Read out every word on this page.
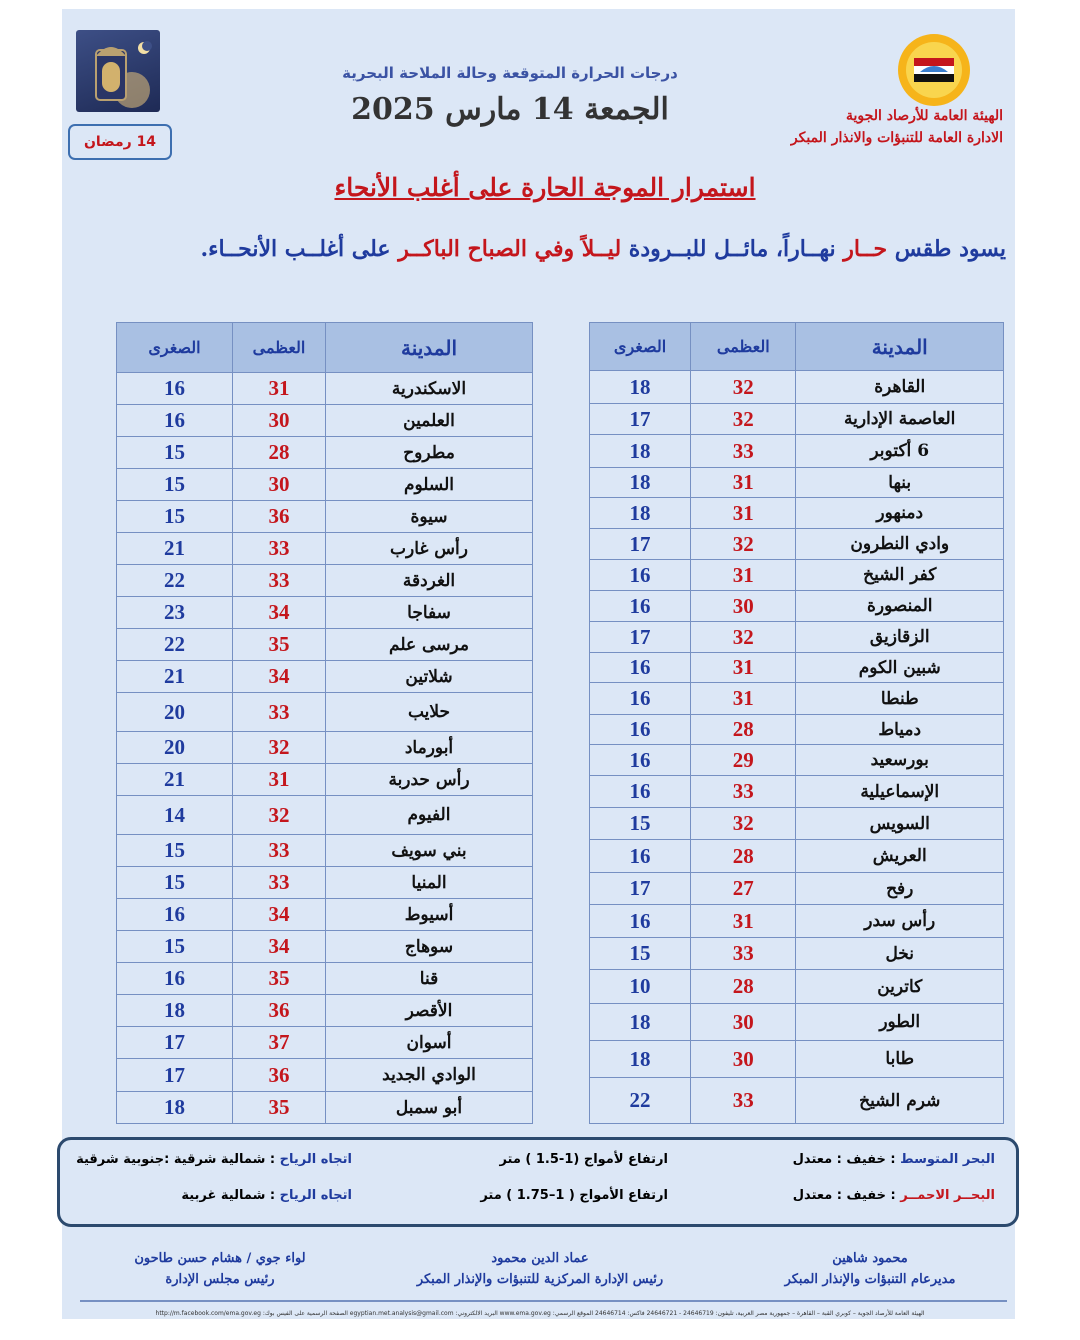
14 رمضان
الهيئة العامة للأرصاد الجوية
الادارة العامة للتنبؤات والانذار المبكر
درجات الحرارة المتوقعة وحالة الملاحة البحرية
الجمعة 14 مارس 2025
استمرار الموجة الحارة على أغلب الأنحاء
يسود طقس حــار نهــاراً، مائــل للبــرودة ليــلاً وفي الصباح الباكــر على أغلــب الأنحــاء.
المدينة	العظمى	الصغرى
القاهرة	32	18
العاصمة الإدارية	32	17
6 أكتوبر	33	18
بنها	31	18
دمنهور	31	18
وادي النطرون	32	17
كفر الشيخ	31	16
المنصورة	30	16
الزقازيق	32	17
شبين الكوم	31	16
طنطا	31	16
دمياط	28	16
بورسعيد	29	16
الإسماعيلية	33	16
السويس	32	15
العريش	28	16
رفح	27	17
رأس سدر	31	16
نخل	33	15
كاترين	28	10
الطور	30	18
طابا	30	18
شرم الشيخ	33	22
المدينة	العظمى	الصغرى
الاسكندرية	31	16
العلمين	30	16
مطروح	28	15
السلوم	30	15
سيوة	36	15
رأس غارب	33	21
الغردقة	33	22
سفاجا	34	23
مرسى علم	35	22
شلاتين	34	21
حلايب	33	20
أبورماد	32	20
رأس حدربة	31	21
الفيوم	32	14
بني سويف	33	15
المنيا	33	15
أسيوط	34	16
سوهاج	34	15
قنا	35	16
الأقصر	36	18
أسوان	37	17
الوادي الجديد	36	17
أبو سمبل	35	18
البحر المتوسط : خفيف : معتدل
ارتفاع لأمواج (1-1.5 ) متر
اتجاه الرياح : شمالية شرقية :جنوبية شرقية
البحــر الاحمــر : خفيف : معتدل
ارتفاع الأمواج ( 1–1.75 ) متر
اتجاه الرياح : شمالية غربية
محمود شاهين
مديرعام التنبؤات والإنذار المبكر
عماد الدين محمود
رئيس الإدارة المركزية للتنبؤات والإنذار المبكر
لواء جوي / هشام حسن طاحون
رئيس مجلس الإدارة
الهيئة العامة للأرصاد الجوية – كوبري القبة – القاهرة – جمهورية مصر العربية، تليفون: 24646719 - 24646721 فاكس: 24646714 الموقع الرسمي: www.ema.gov.eg البريد الالكتروني: egyptian.met.analysis@gmail.com الصفحة الرسمية على الفيس بوك: http://m.facebook.com/ema.gov.eg
